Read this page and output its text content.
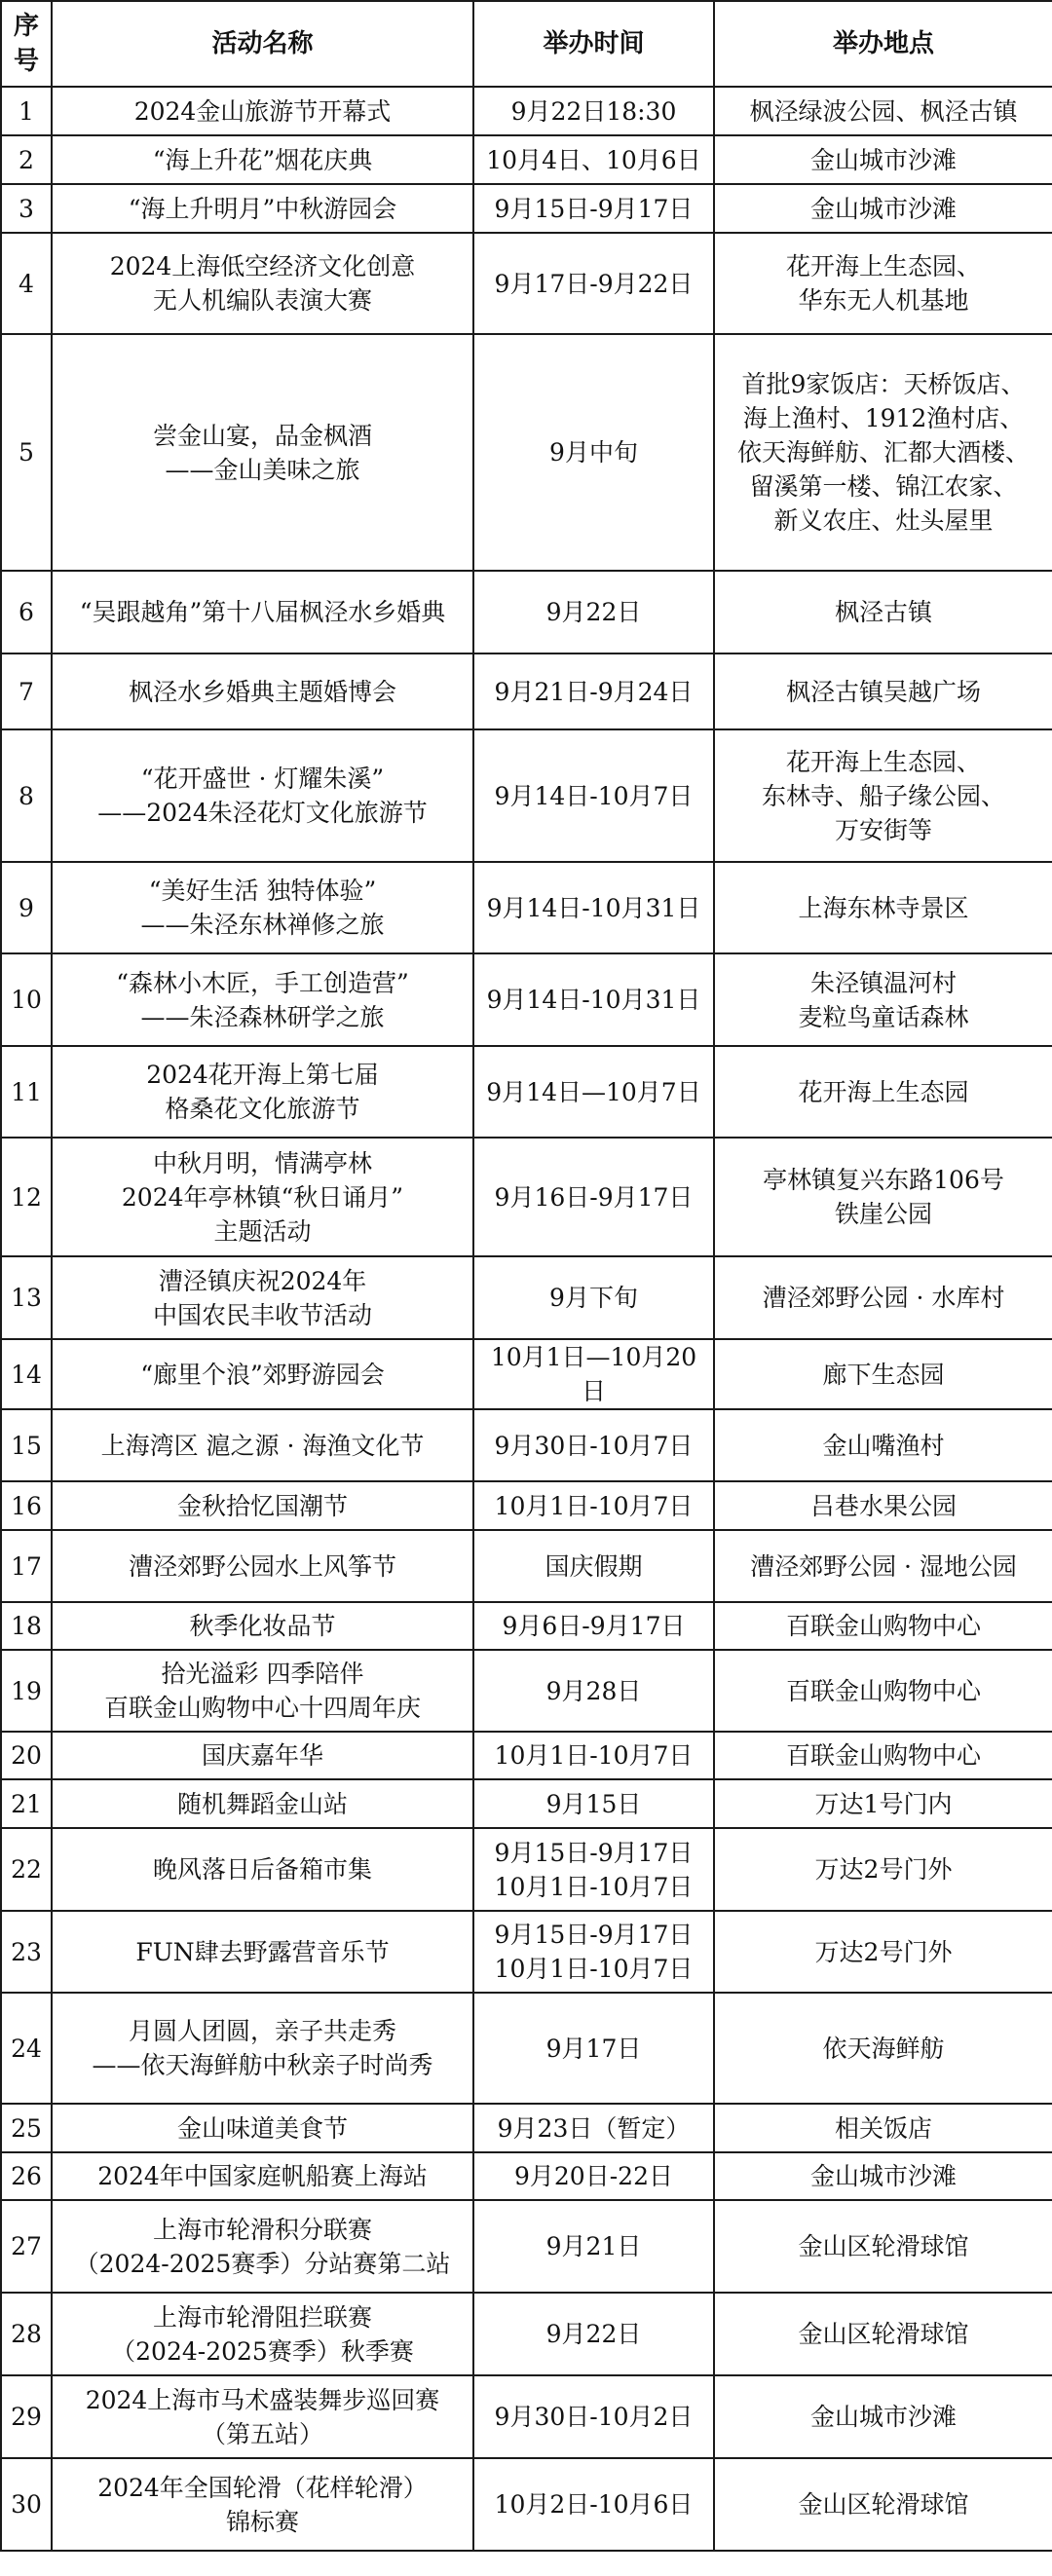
序
号	活动名称	举办时间	举办地点
1	2024金山旅游节开幕式	9月22日18:30	枫泾绿波公园、枫泾古镇
2	“海上升花”烟花庆典	10月4日、10月6日	金山城市沙滩
3	“海上升明月”中秋游园会	9月15日-9月17日	金山城市沙滩
4	2024上海低空经济文化创意
无人机编队表演大赛	9月17日-9月22日	花开海上生态园、
华东无人机基地
5	尝金山宴，品金枫酒
——金山美味之旅	9月中旬	首批9家饭店：天桥饭店、
海上渔村、1912渔村店、
依天海鲜舫、汇都大酒楼、
留溪第一楼、锦江农家、
新义农庄、灶头屋里
6	“吴跟越角”第十八届枫泾水乡婚典	9月22日	枫泾古镇
7	枫泾水乡婚典主题婚博会	9月21日-9月24日	枫泾古镇吴越广场
8	“花开盛世 · 灯耀朱溪”
——2024朱泾花灯文化旅游节	9月14日-10月7日	花开海上生态园、
东林寺、船子缘公园、
万安街等
9	“美好生活 独特体验”
——朱泾东林禅修之旅	9月14日-10月31日	上海东林寺景区
10	“森林小木匠，手工创造营”
——朱泾森林研学之旅	9月14日-10月31日	朱泾镇温河村
麦粒鸟童话森林
11	2024花开海上第七届
格桑花文化旅游节	9月14日—10月7日	花开海上生态园
12	中秋月明，情满亭林
2024年亭林镇“秋日诵月”
主题活动	9月16日-9月17日	亭林镇复兴东路106号
铁崖公园
13	漕泾镇庆祝2024年
中国农民丰收节活动	9月下旬	漕泾郊野公园 · 水库村
14	“廊里个浪”郊野游园会	10月1日—10月20日	廊下生态园
15	上海湾区 滬之源 · 海渔文化节	9月30日-10月7日	金山嘴渔村
16	金秋拾忆国潮节	10月1日-10月7日	吕巷水果公园
17	漕泾郊野公园水上风筝节	国庆假期	漕泾郊野公园 · 湿地公园
18	秋季化妆品节	9月6日-9月17日	百联金山购物中心
19	拾光溢彩 四季陪伴
百联金山购物中心十四周年庆	9月28日	百联金山购物中心
20	国庆嘉年华	10月1日-10月7日	百联金山购物中心
21	随机舞蹈金山站	9月15日	万达1号门内
22	晚风落日后备箱市集	9月15日-9月17日
10月1日-10月7日	万达2号门外
23	FUN肆去野露营音乐节	9月15日-9月17日
10月1日-10月7日	万达2号门外
24	月圆人团圆，亲子共走秀
——依天海鲜舫中秋亲子时尚秀	9月17日	依天海鲜舫
25	金山味道美食节	9月23日（暂定）	相关饭店
26	2024年中国家庭帆船赛上海站	9月20日-22日	金山城市沙滩
27	上海市轮滑积分联赛
（2024-2025赛季）分站赛第二站	9月21日	金山区轮滑球馆
28	上海市轮滑阻拦联赛
（2024-2025赛季）秋季赛	9月22日	金山区轮滑球馆
29	2024上海市马术盛装舞步巡回赛
（第五站）	9月30日-10月2日	金山城市沙滩
30	2024年全国轮滑（花样轮滑）
锦标赛	10月2日-10月6日	金山区轮滑球馆
